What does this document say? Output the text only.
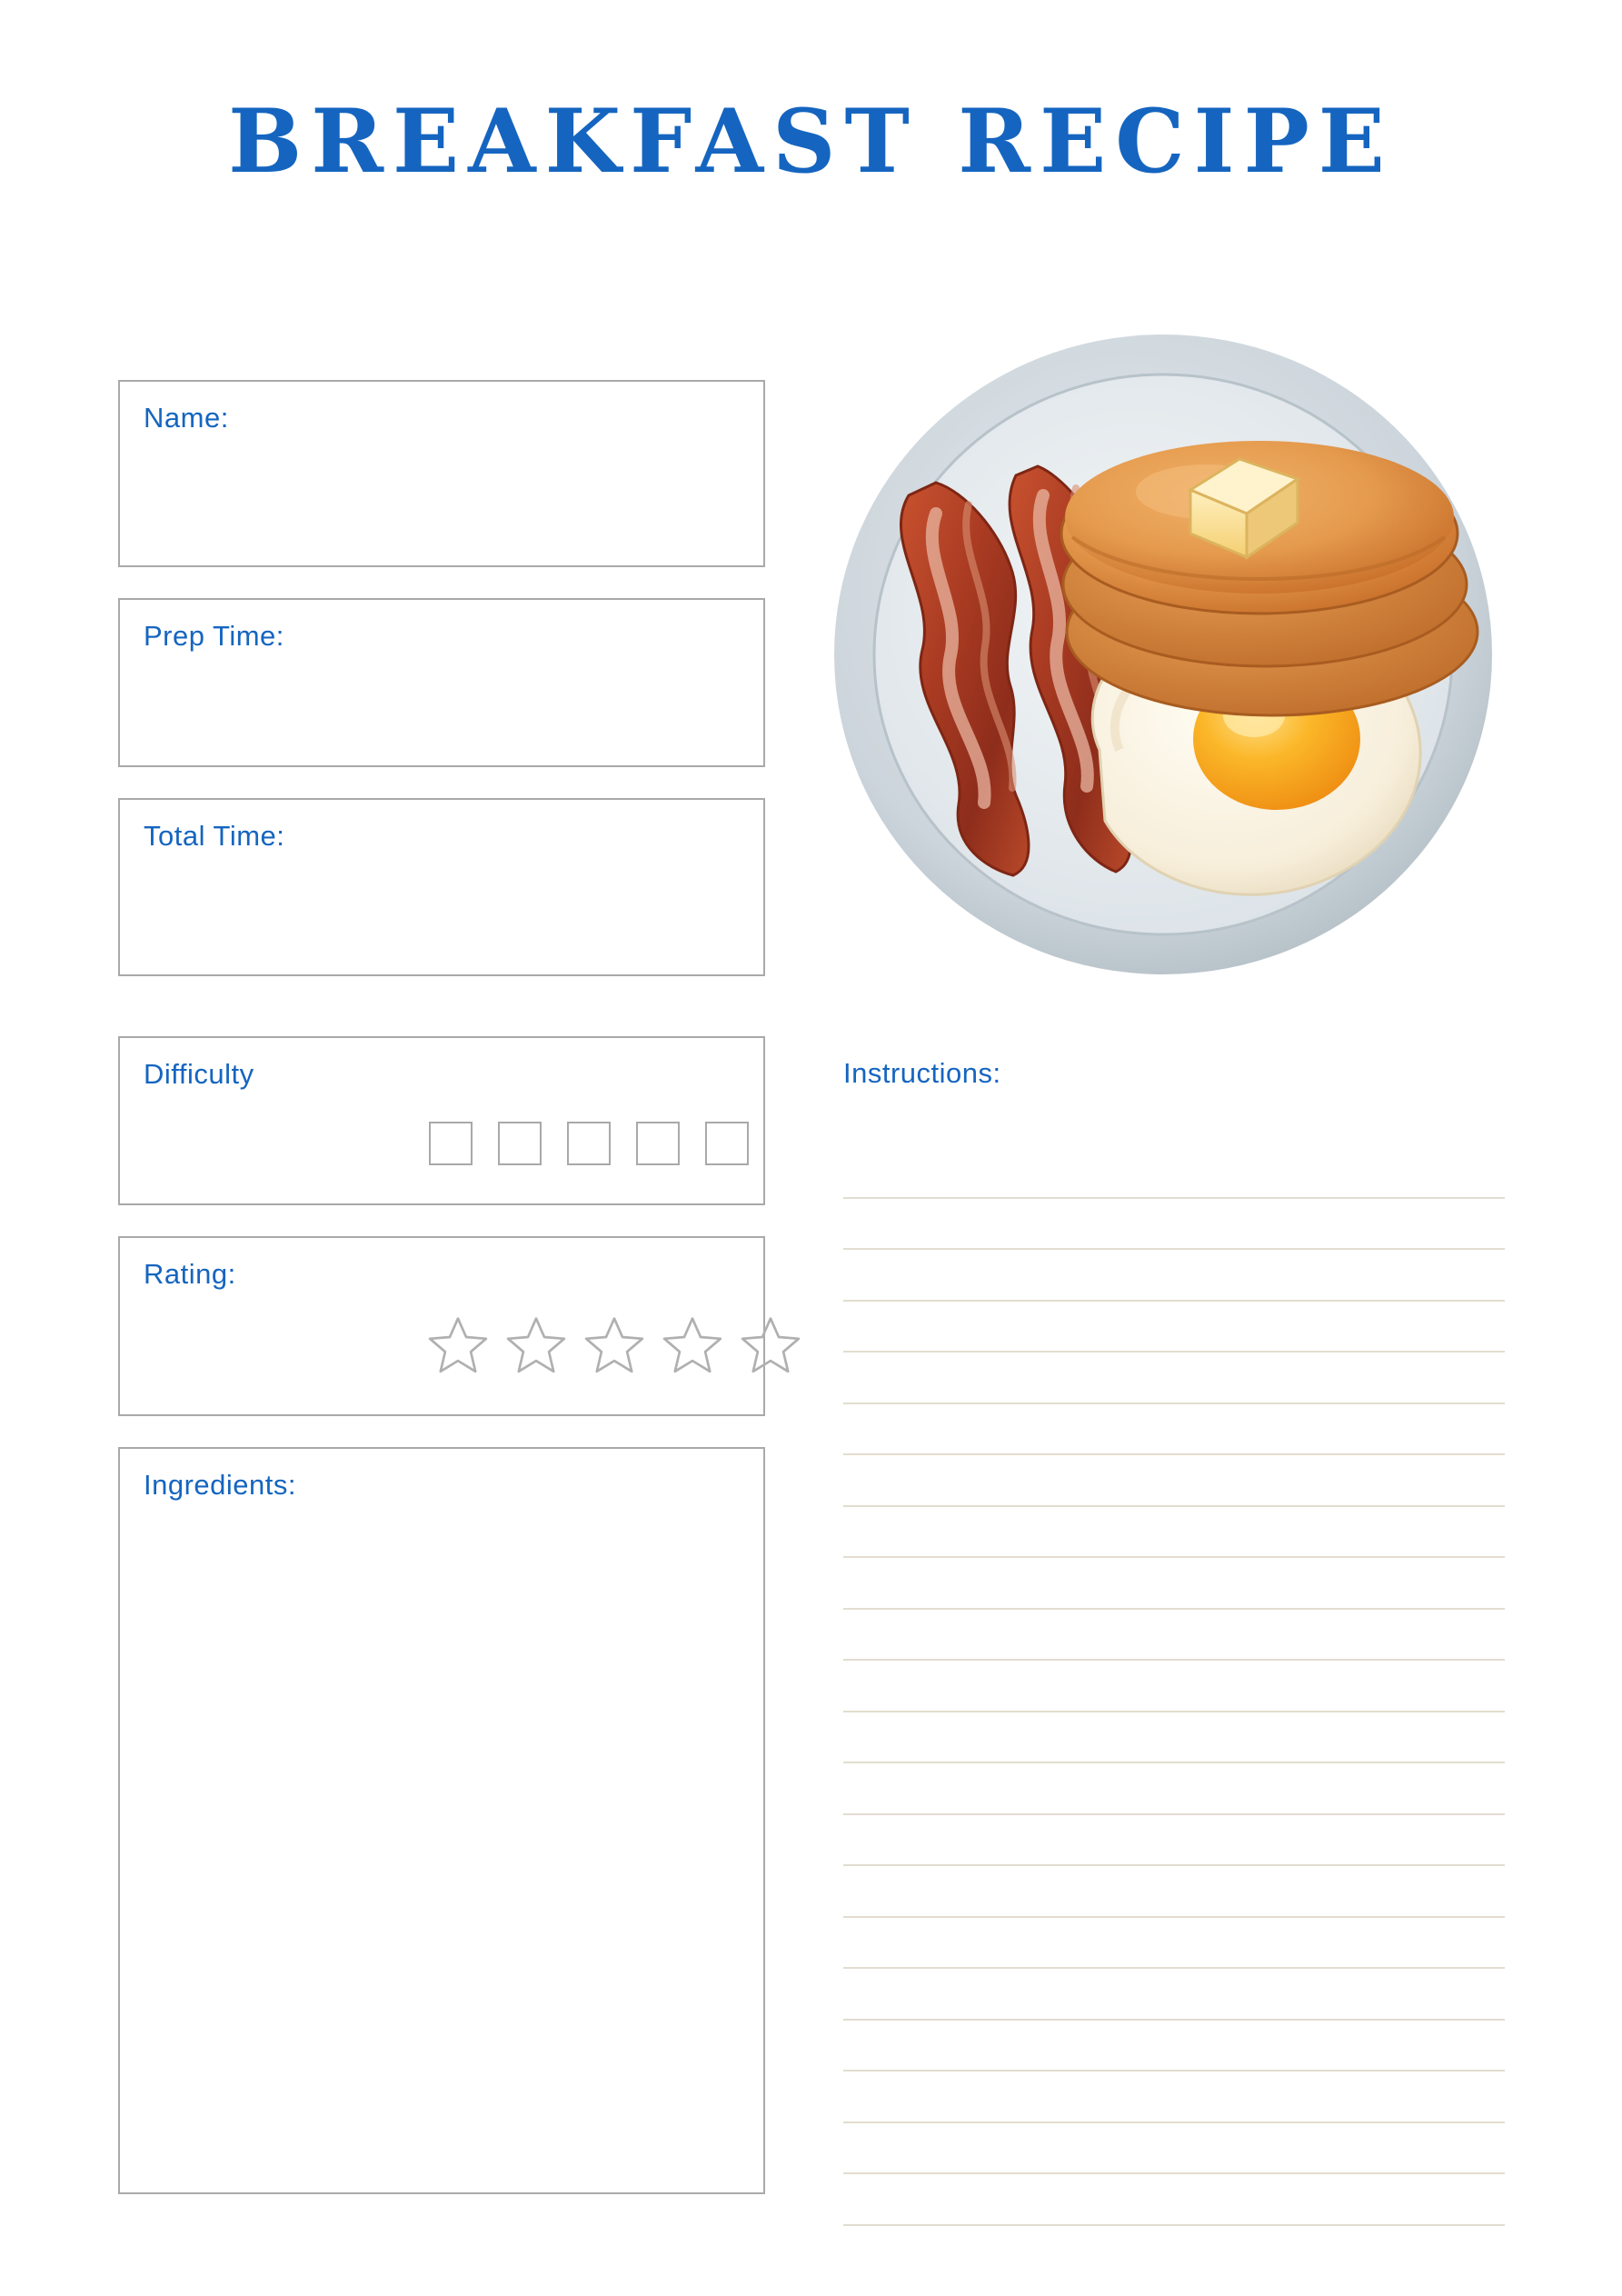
BREAKFAST RECIPE
Name:
Prep Time:
Total Time:
Difficulty
Rating:
Ingredients:
Instructions:
